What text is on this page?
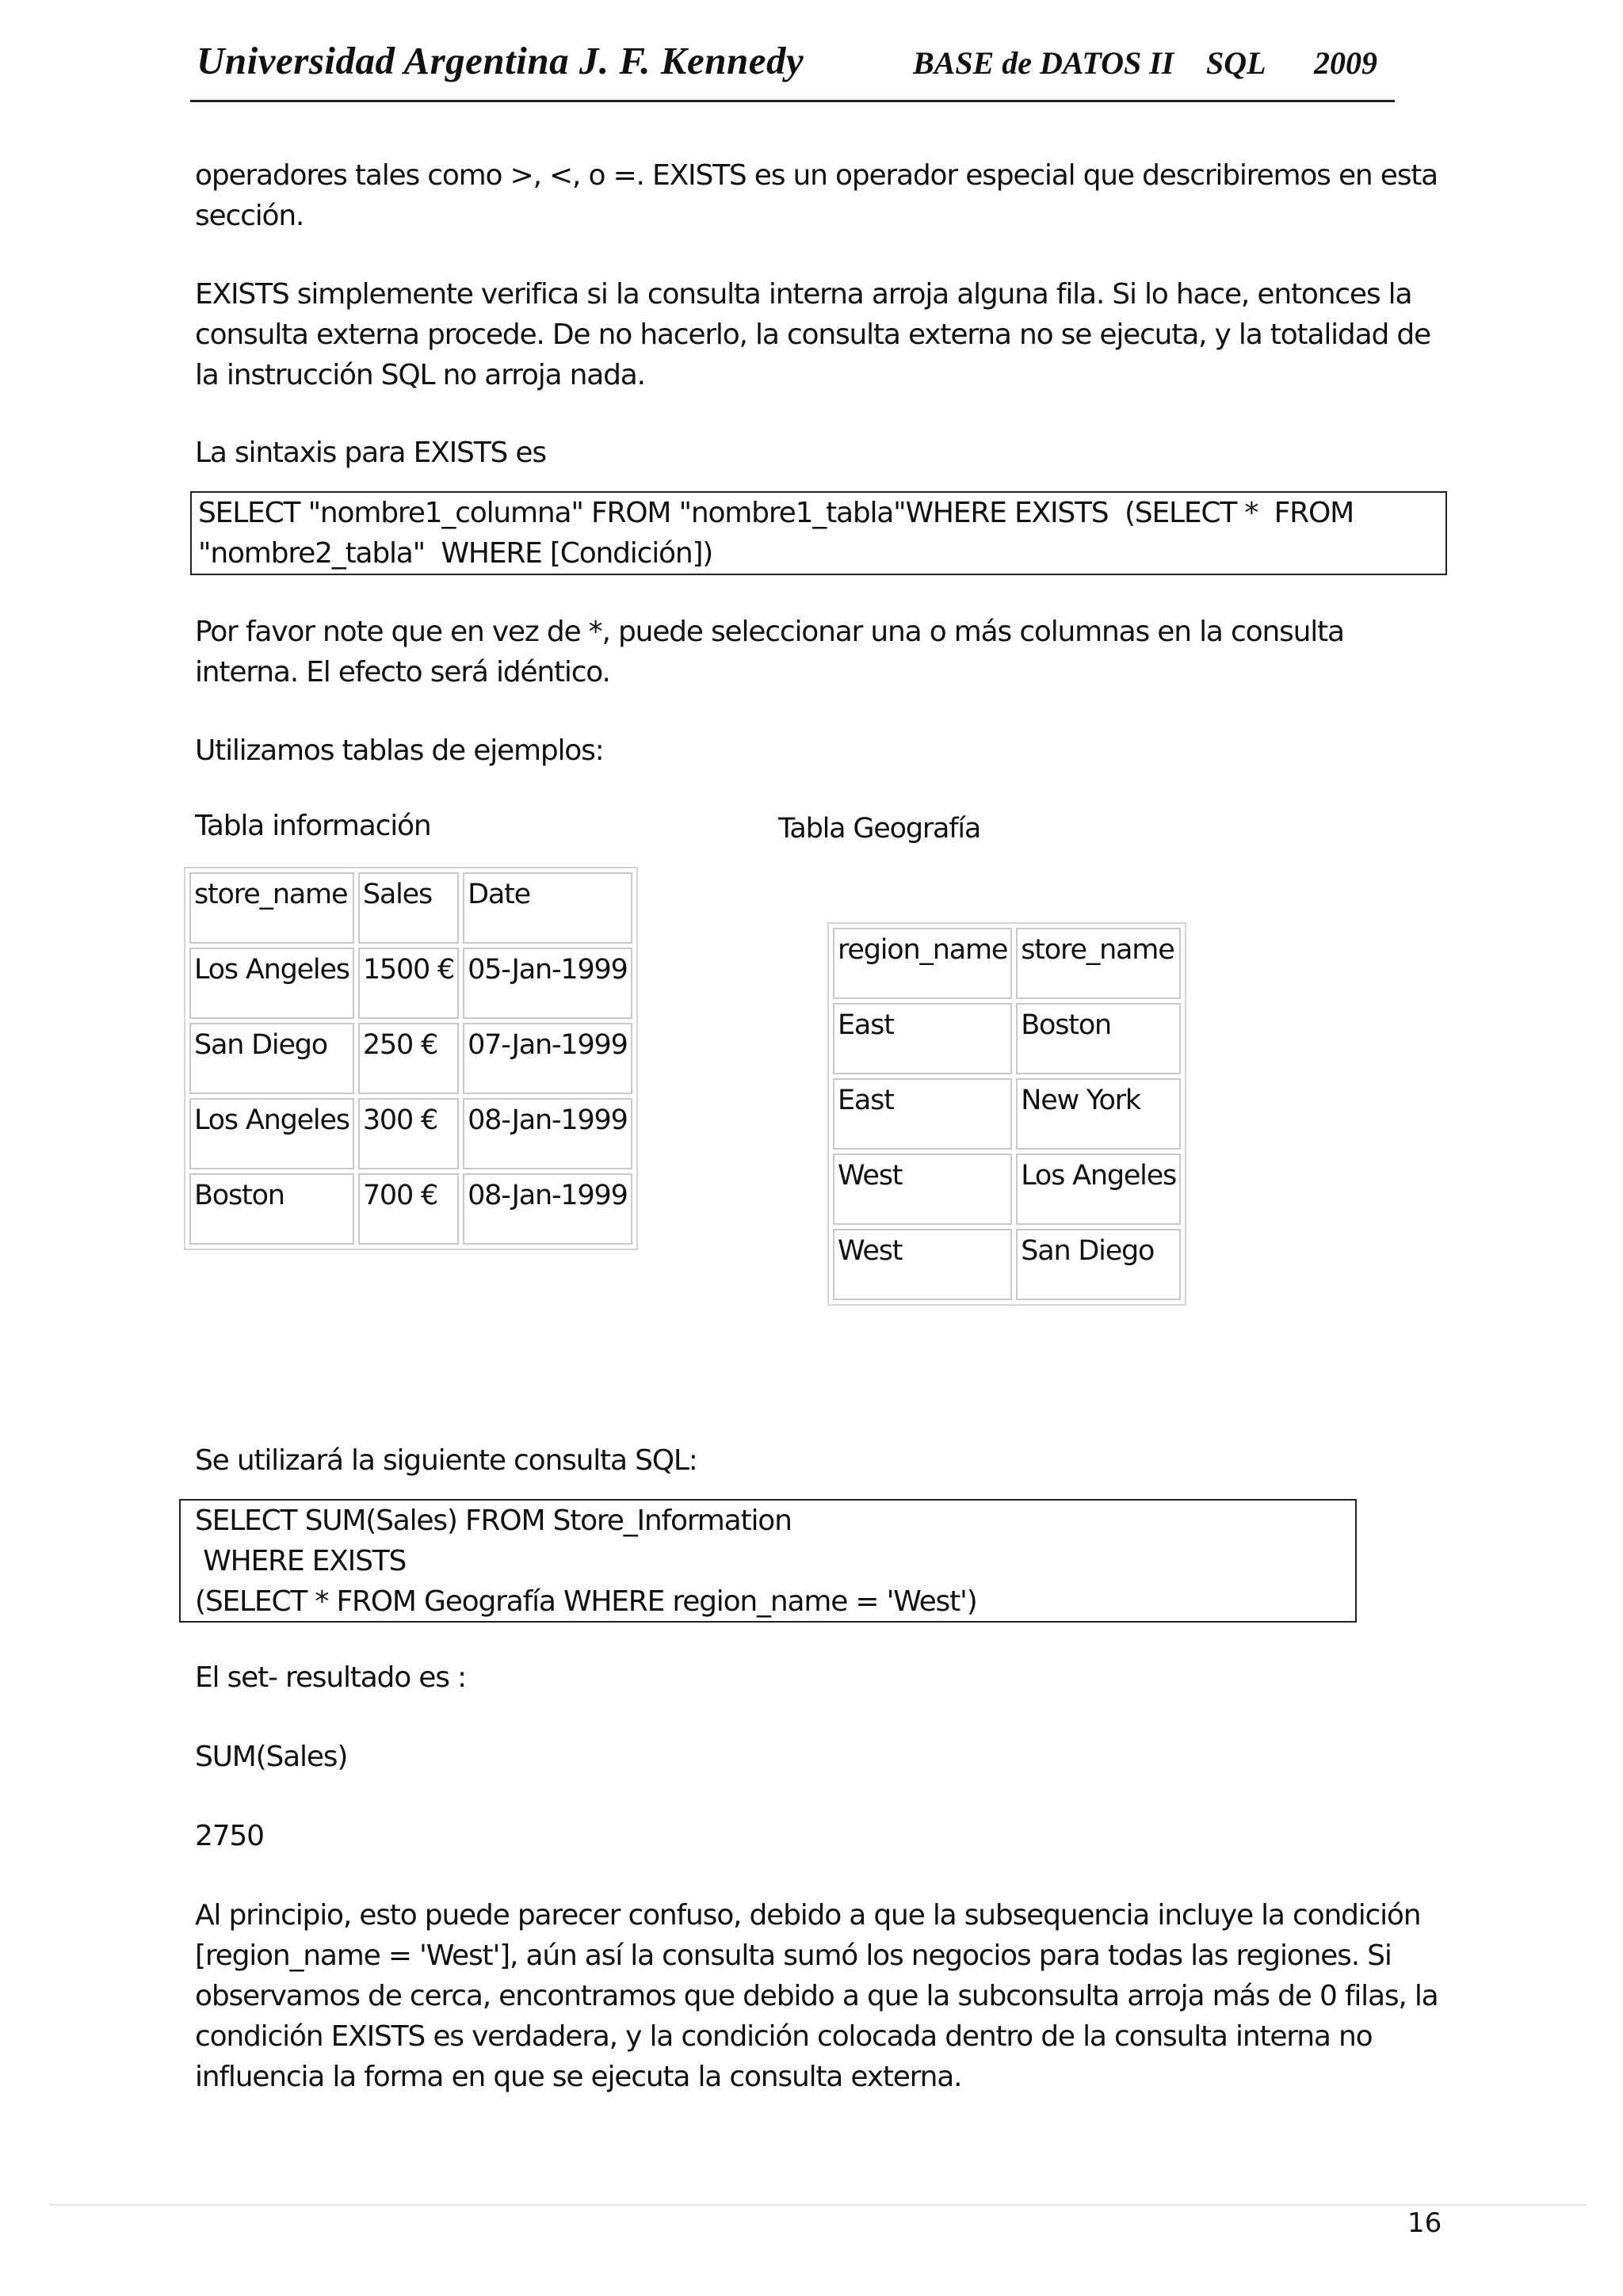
Universidad Argentina J. F. Kennedy	BASE de DATOS II SQL 2009

operadores tales como >, <, o =. EXISTS es un operador especial que describiremos en esta sección.

EXISTS simplemente verifica si la consulta interna arroja alguna fila. Si lo hace, entonces la consulta externa procede. De no hacerlo, la consulta externa no se ejecuta, y la totalidad de la instrucción SQL no arroja nada.

La sintaxis para EXISTS es

SELECT "nombre1_columna" FROM "nombre1_tabla"WHERE EXISTS  (SELECT *  FROM
"nombre2_tabla"  WHERE [Condición])

Por favor note que en vez de *, puede seleccionar una o más columnas en la consulta interna. El efecto será idéntico.

Utilizamos tablas de ejemplos:

Tabla información	Tabla Geografía
store_name	Sales	Date
Los Angeles	1500 €	05-Jan-1999
San Diego	250 €	07-Jan-1999
Los Angeles	300 €	08-Jan-1999
Boston	700 €	08-Jan-1999
region_name	store_name
East	Boston
East	New York
West	Los Angeles
West	San Diego

Se utilizará la siguiente consulta SQL:

SELECT SUM(Sales) FROM Store_Information
WHERE EXISTS
(SELECT * FROM Geografía WHERE region_name = 'West')

El set- resultado es :

SUM(Sales)

2750

Al principio, esto puede parecer confuso, debido a que la subsequencia incluye la condición [region_name = 'West'], aún así la consulta sumó los negocios para todas las regiones. Si observamos de cerca, encontramos que debido a que la subconsulta arroja más de 0 filas, la condición EXISTS es verdadera, y la condición colocada dentro de la consulta interna no influencia la forma en que se ejecuta la consulta externa.

16
